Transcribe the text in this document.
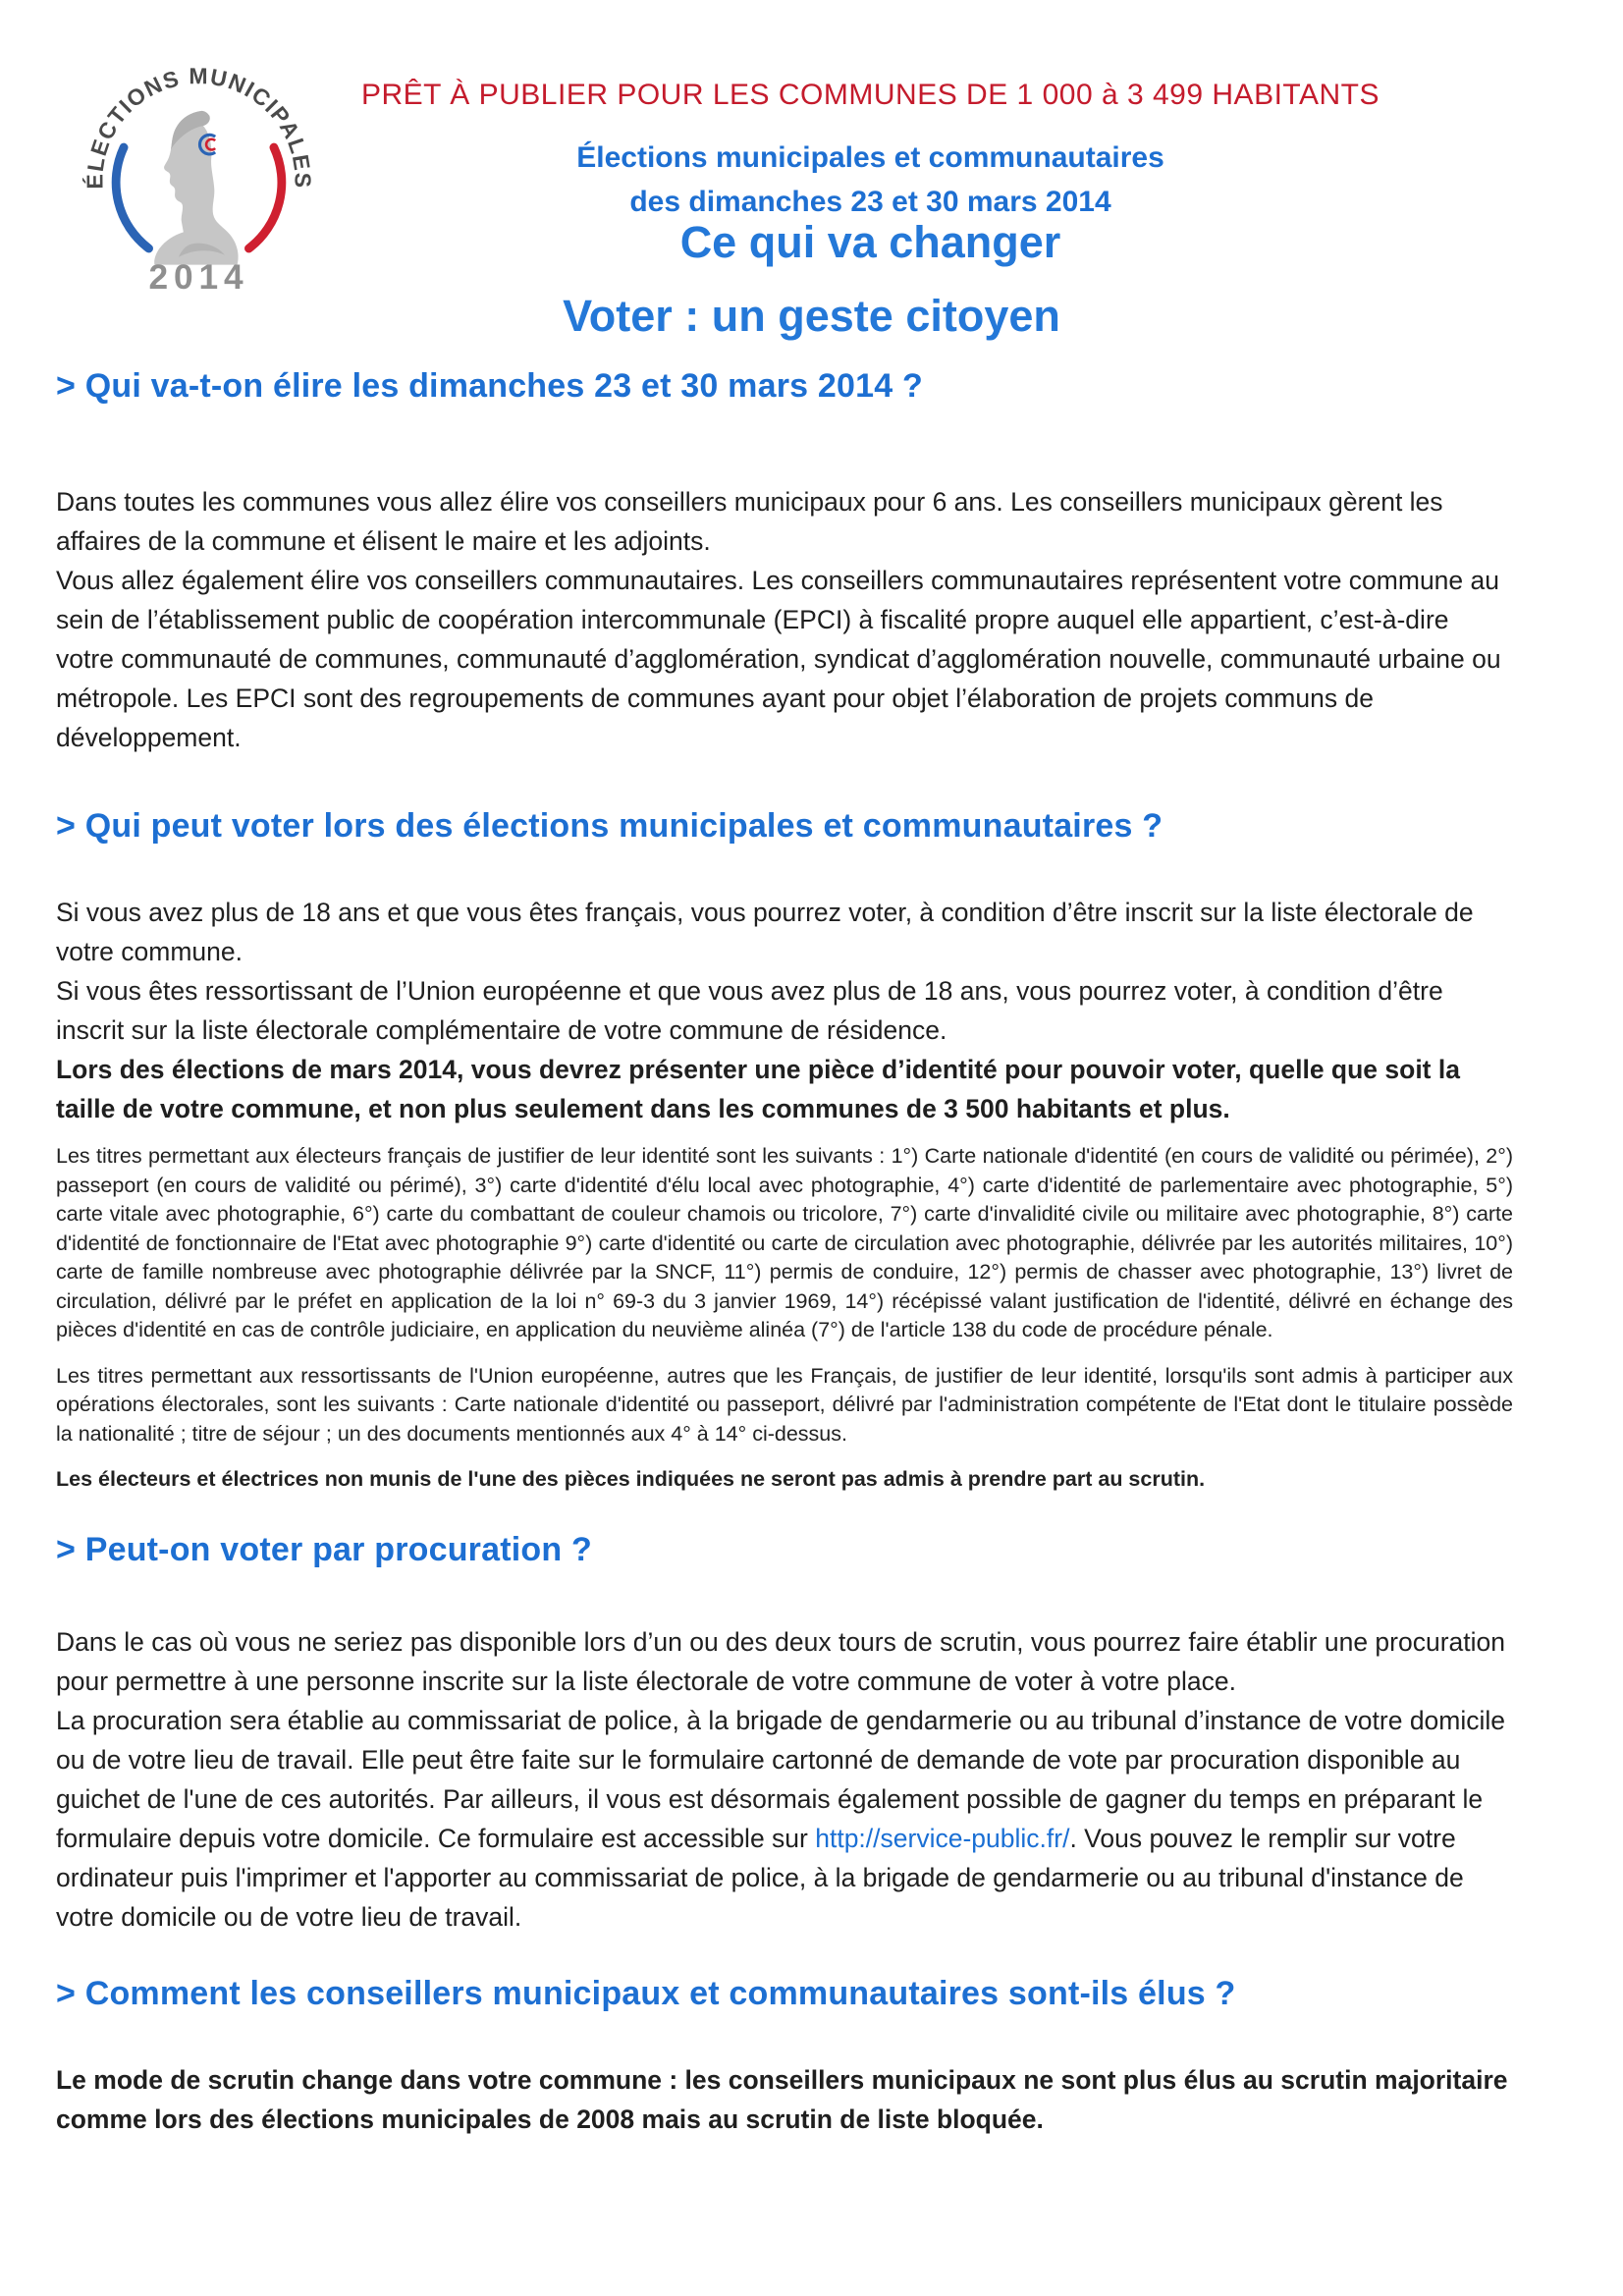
ÉLECTIONS MUNICIPALES
2014
PRÊT À PUBLIER POUR LES COMMUNES DE 1 000 à 3 499 HABITANTS
Élections municipales et communautaires
des dimanches 23 et 30 mars 2014
Ce qui va changer
Voter : un geste citoyen
> Qui va-t-on élire les dimanches 23 et 30 mars 2014 ?

Dans toutes les communes vous allez élire vos conseillers municipaux pour 6 ans. Les conseillers municipaux gèrent les affaires de la commune et élisent le maire et les adjoints.

Vous allez également élire vos conseillers communautaires. Les conseillers communautaires représentent votre commune au sein de l’établissement public de coopération intercommunale (EPCI) à fiscalité propre auquel elle appartient, c’est-à-dire votre communauté de communes, communauté d’agglomération, syndicat d’agglomération nouvelle, communauté urbaine ou métropole. Les EPCI sont des regroupements de communes ayant pour objet l’élaboration de projets communs de développement.

> Qui peut voter lors des élections municipales et communautaires ?

Si vous avez plus de 18 ans et que vous êtes français, vous pourrez voter, à condition d’être inscrit sur la liste électorale de votre commune.

Si vous êtes ressortissant de l’Union européenne et que vous avez plus de 18 ans, vous pourrez voter, à condition d’être inscrit sur la liste électorale complémentaire de votre commune de résidence.

Lors des élections de mars 2014, vous devrez présenter une pièce d’identité pour pouvoir voter, quelle que soit la taille de votre commune, et non plus seulement dans les communes de 3 500 habitants et plus.

Les titres permettant aux électeurs français de justifier de leur identité sont les suivants : 1°) Carte nationale d'identité (en cours de validité ou périmée), 2°) passeport (en cours de validité ou périmé), 3°) carte d'identité d'élu local avec photographie, 4°) carte d'identité de parlementaire avec photographie, 5°) carte vitale avec photographie, 6°) carte du combattant de couleur chamois ou tricolore, 7°) carte d'invalidité civile ou militaire avec photographie, 8°) carte d'identité de fonctionnaire de l'Etat avec photographie 9°) carte d'identité ou carte de circulation avec photographie, délivrée par les autorités militaires, 10°) carte de famille nombreuse avec photographie délivrée par la SNCF, 11°) permis de conduire, 12°) permis de chasser avec photographie, 13°) livret de circulation, délivré par le préfet en application de la loi n° 69-3 du 3 janvier 1969, 14°) récépissé valant justification de l'identité, délivré en échange des pièces d'identité en cas de contrôle judiciaire, en application du neuvième alinéa (7°) de l'article 138 du code de procédure pénale.

Les titres permettant aux ressortissants de l'Union européenne, autres que les Français, de justifier de leur identité, lorsqu'ils sont admis à participer aux opérations électorales, sont les suivants : Carte nationale d'identité ou passeport, délivré par l'administration compétente de l'Etat dont le titulaire possède la nationalité ; titre de séjour ; un des documents mentionnés aux 4° à 14° ci-dessus.

Les électeurs et électrices non munis de l'une des pièces indiquées ne seront pas admis à prendre part au scrutin.

> Peut-on voter par procuration ?

Dans le cas où vous ne seriez pas disponible lors d’un ou des deux tours de scrutin, vous pourrez faire établir une procuration pour permettre à une personne inscrite sur la liste électorale de votre commune de voter à votre place.

La procuration sera établie au commissariat de police, à la brigade de gendarmerie ou au tribunal d’instance de votre domicile ou de votre lieu de travail. Elle peut être faite sur le formulaire cartonné de demande de vote par procuration disponible au guichet de l'une de ces autorités. Par ailleurs, il vous est désormais également possible de gagner du temps en préparant le formulaire depuis votre domicile. Ce formulaire est accessible sur http://service-public.fr/. Vous pouvez le remplir sur votre ordinateur puis l'imprimer et l'apporter au commissariat de police, à la brigade de gendarmerie ou au tribunal d'instance de votre domicile ou de votre lieu de travail.

> Comment les conseillers municipaux et communautaires sont-ils élus ?

Le mode de scrutin change dans votre commune : les conseillers municipaux ne sont plus élus au scrutin majoritaire comme lors des élections municipales de 2008 mais au scrutin de liste bloquée.
